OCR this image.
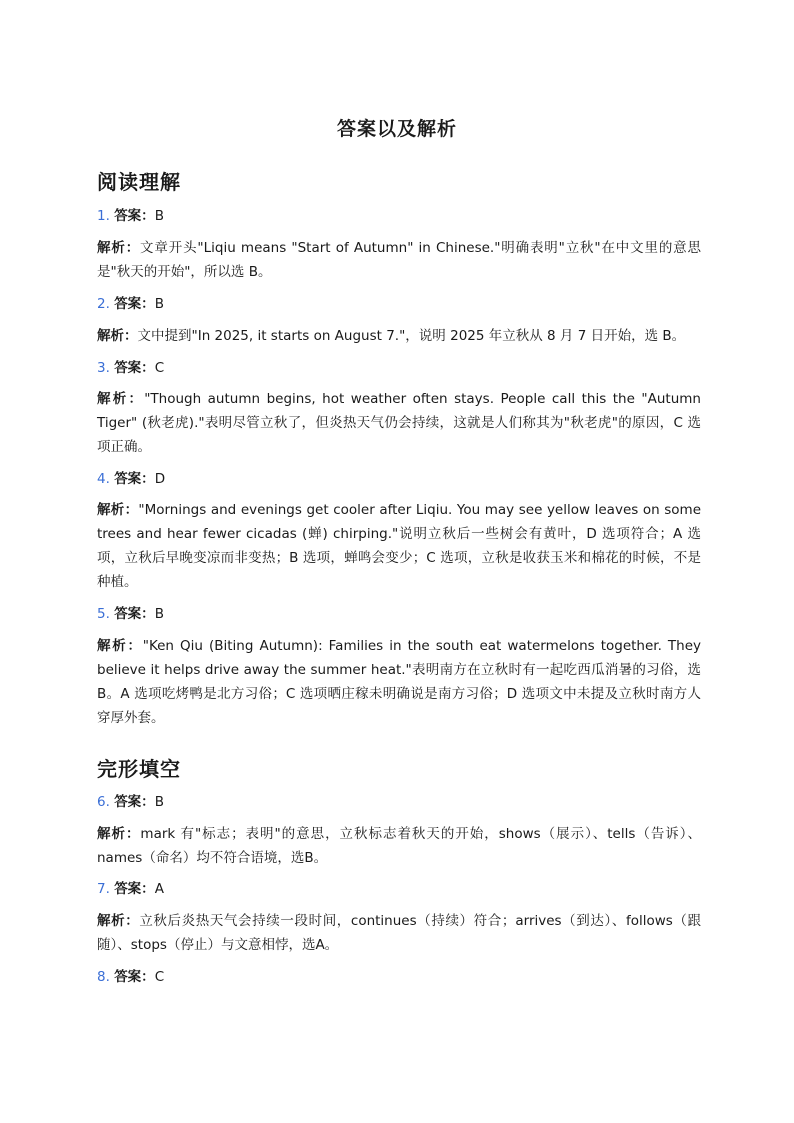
答案以及解析
阅读理解
1. 答案：B

解析：文章开头"Liqiu means "Start of Autumn" in Chinese."明确表明"立秋"在中文里的意思是"秋天的开始"，所以选 B。

2. 答案：B

解析：文中提到"In 2025, it starts on August 7."，说明 2025 年立秋从 8 月 7 日开始，选 B。

3. 答案：C

解析："Though autumn begins, hot weather often stays. People call this the "Autumn Tiger" (秋老虎)."表明尽管立秋了，但炎热天气仍会持续，这就是人们称其为"秋老虎"的原因，C 选项正确。

4. 答案：D

解析："Mornings and evenings get cooler after Liqiu. You may see yellow leaves on some trees and hear fewer cicadas (蝉) chirping."说明立秋后一些树会有黄叶，D 选项符合；A 选项，立秋后早晚变凉而非变热；B 选项，蝉鸣会变少；C 选项，立秋是收获玉米和棉花的时候，不是种植。

5. 答案：B

解析："Ken Qiu (Biting Autumn): Families in the south eat watermelons together. They believe it helps drive away the summer heat."表明南方在立秋时有一起吃西瓜消暑的习俗，选 B。A 选项吃烤鸭是北方习俗；C 选项晒庄稼未明确说是南方习俗；D 选项文中未提及立秋时南方人穿厚外套。

完形填空
6. 答案：B

解析：mark 有"标志；表明"的意思，立秋标志着秋天的开始，shows（展示）、tells（告诉）、names（命名）均不符合语境，选B。

7. 答案：A

解析：立秋后炎热天气会持续一段时间，continues（持续）符合；arrives（到达）、follows（跟随）、stops（停止）与文意相悖，选A。

8. 答案：C
